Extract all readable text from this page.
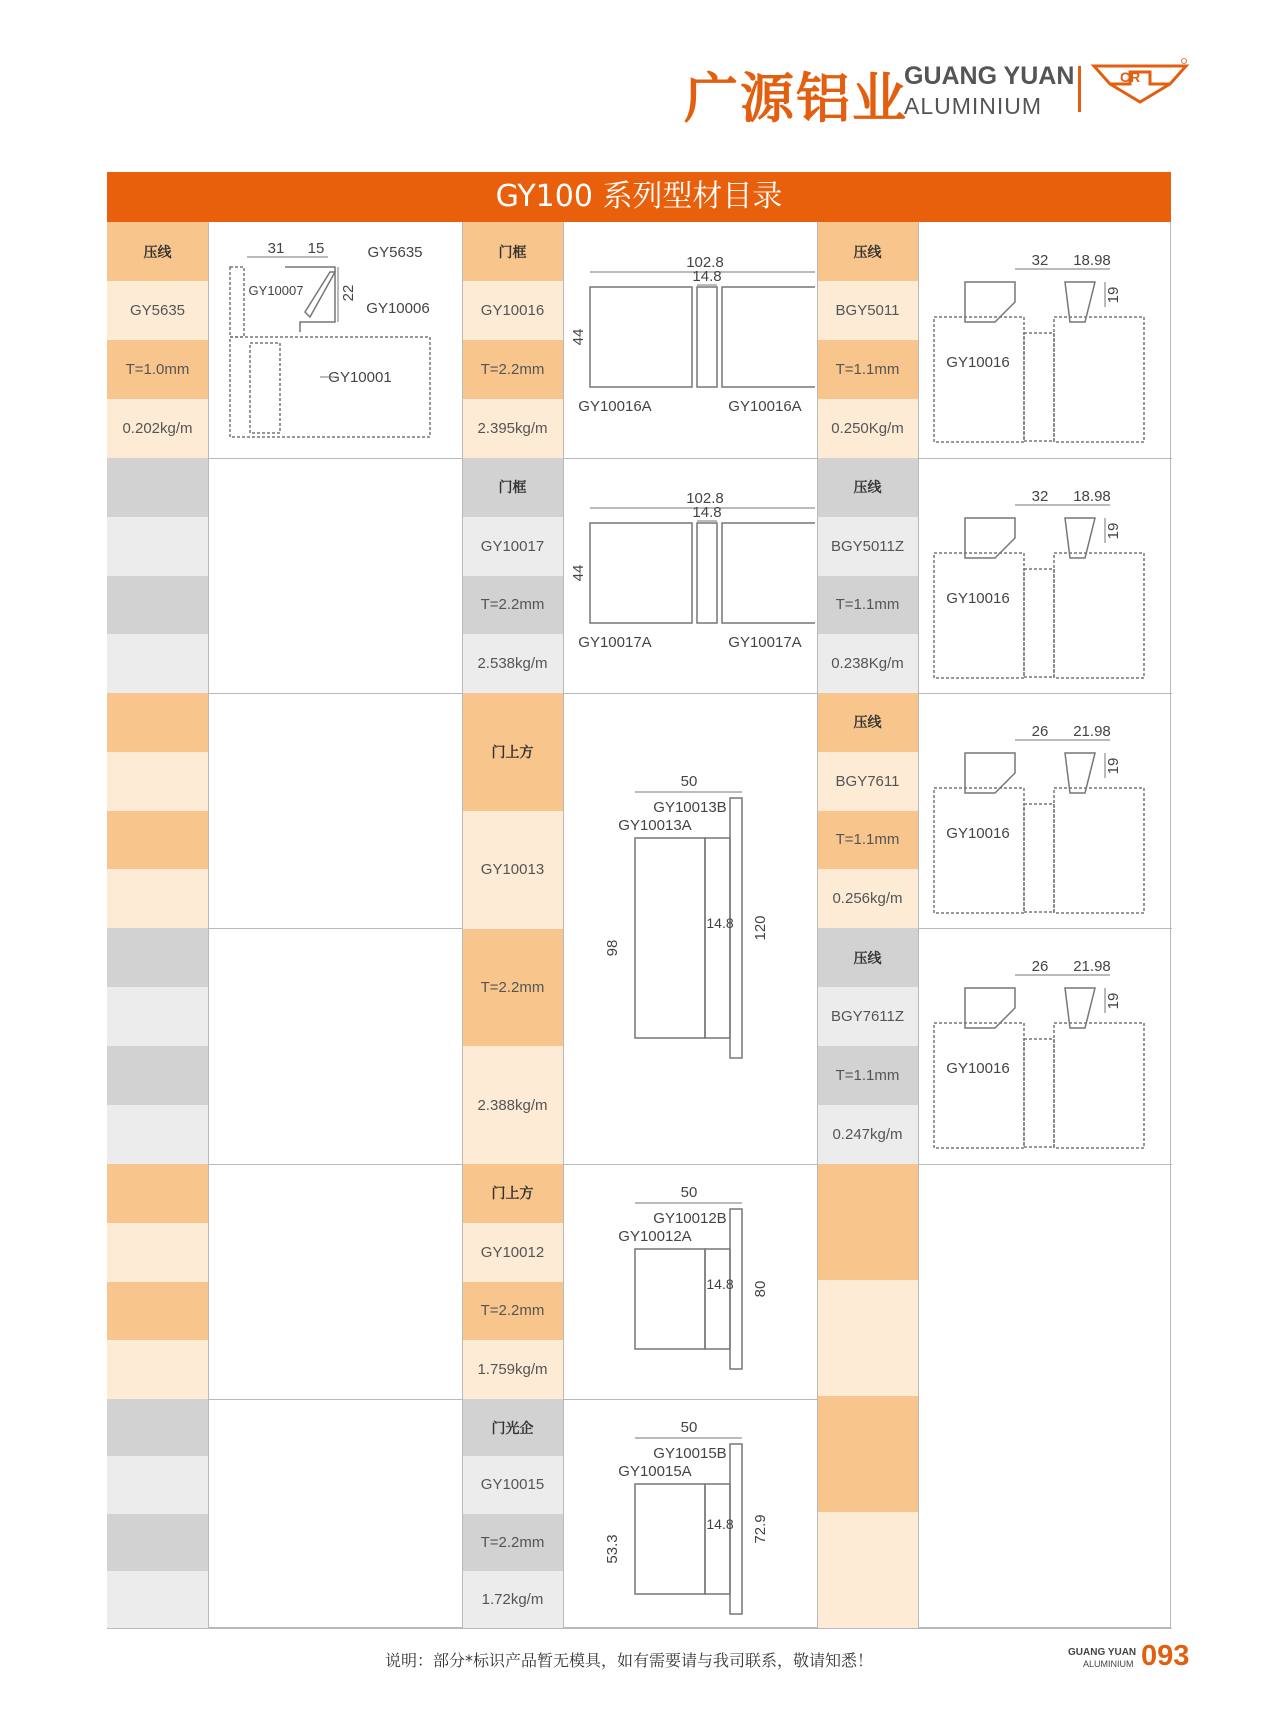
广源铝业
GUANG YUAN
ALUMINIUM
CR
GY100 系列型材目录
压线
GY5635
T=1.0mm
0.202kg/m
31 15
22
GY5635
GY10007
GY10006
GY10001
门框
GY10016
T=2.2mm
2.395kg/m
102.8
14.8
44
GY10016A	GY10016A
门框
GY10017
T=2.2mm
2.538kg/m
102.8
14.8
44
GY10017A	GY10017A
门上方
GY10013
T=2.2mm
2.388kg/m
50
14.8
GY10013B
GY10013A
98
120
门上方
GY10012
T=2.2mm
1.759kg/m
50
14.8
GY10012B
GY10012A
80
门光企
GY10015
T=2.2mm
1.72kg/m
50
14.8
GY10015B
GY10015A
53.3
72.9
压线
BGY5011
T=1.1mm
0.250Kg/m
32 18.98
19
GY10016
压线
BGY5011Z
T=1.1mm
0.238Kg/m
32 18.98
19
GY10016
压线
BGY7611
T=1.1mm
0.256kg/m
26 21.98
19
GY10016
压线
BGY7611Z
T=1.1mm
0.247kg/m
26 21.98
19
GY10016
说明：部分*标识产品暂无模具，如有需要请与我司联系，敬请知悉！	GUANG YUAN
ALUMINIUM 093
